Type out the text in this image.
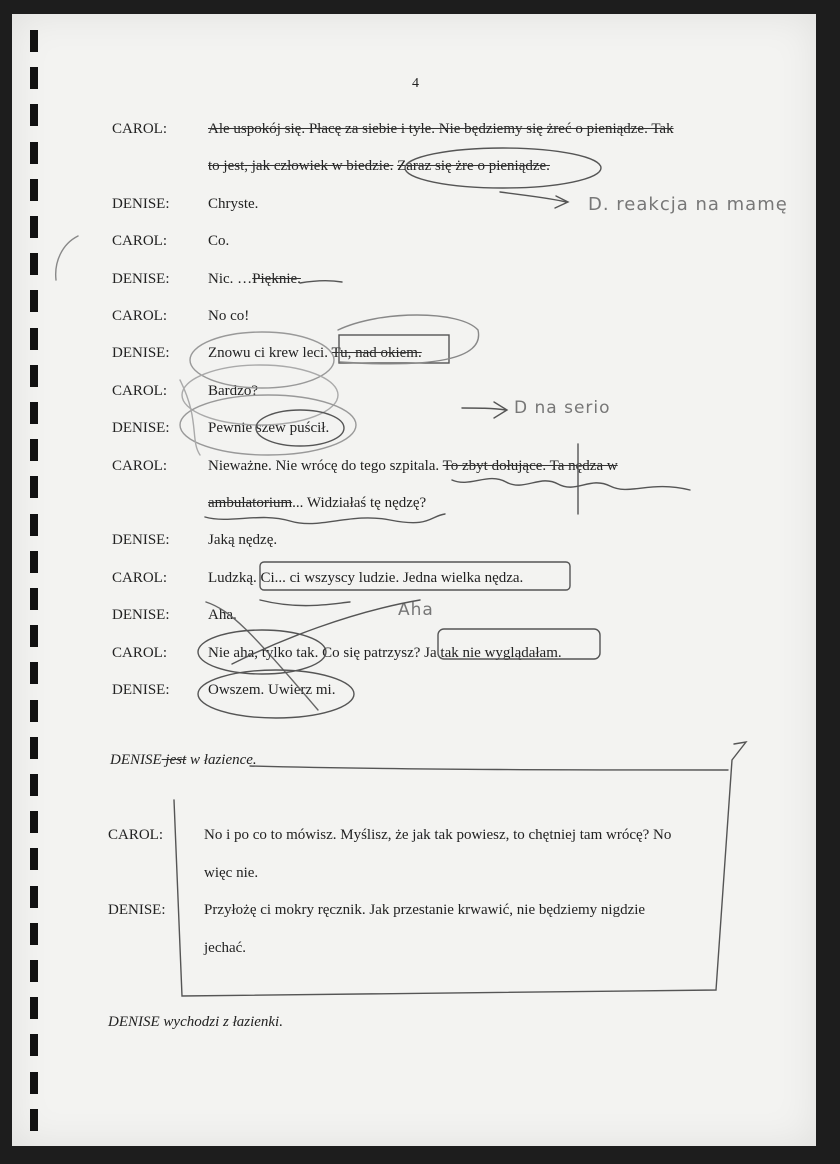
4
CAROL:	Ale uspokój się. Płacę za siebie i tyle. Nie będziemy się żreć o pieniądze. Tak
to jest, jak człowiek w biedzie. Zaraz się żre o pieniądze.
DENISE:	Chryste.
CAROL:	Co.
DENISE:	Nic. …Pięknie.
CAROL:	No co!
DENISE:	Znowu ci krew leci. Tu, nad okiem.
CAROL:	Bardzo?
DENISE:	Pewnie szew puścił.
CAROL:	Nieważne. Nie wrócę do tego szpitala. To zbyt dołujące. Ta nędza w
ambulatorium... Widziałaś tę nędzę?
DENISE:	Jaką nędzę.
CAROL:	Ludzką. Ci... ci wszyscy ludzie. Jedna wielka nędza.
DENISE:	Aha.
CAROL:	Nie aha, tylko tak. Co się patrzysz? Ja tak nie wyglądałam.
DENISE:	Owszem. Uwierz mi.
DENISE jest w łazience.
CAROL:	No i po co to mówisz. Myślisz, że jak tak powiesz, to chętniej tam wrócę? No
więc nie.
DENISE:	Przyłożę ci mokry ręcznik. Jak przestanie krwawić, nie będziemy nigdzie
jechać.
DENISE wychodzi z łazienki.
D. reakcja na mamę
D na serio
Aha
